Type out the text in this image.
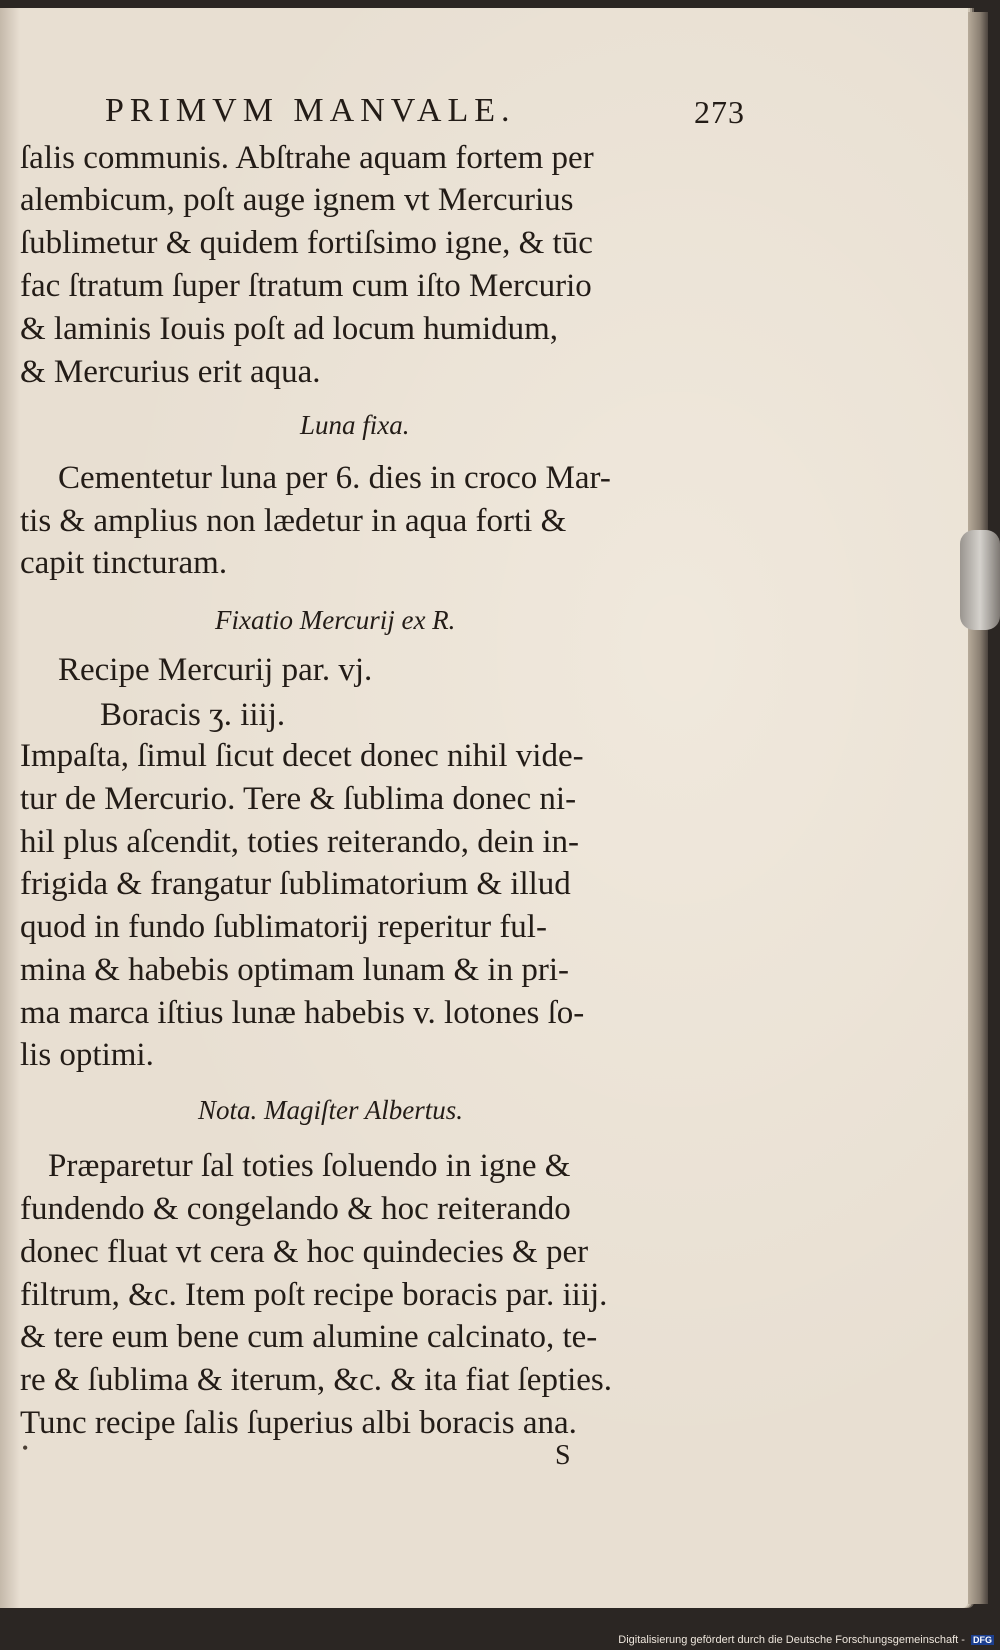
PRIMVM MANVALE.	273
ſalis communis. Abſtrahe aquam fortem per
alembicum, poſt auge ignem vt Mercurius
ſublimetur & quidem fortiſsimo igne, & tūc
fac ſtratum ſuper ſtratum cum iſto Mercurio
& laminis Iouis poſt ad locum humidum,
& Mercurius erit aqua.
Luna fixa.
Cementetur luna per 6. dies in croco Mar-
tis & amplius non lædetur in aqua forti &
capit tincturam.
Fixatio Mercurij ex R.
Recipe Mercurij par. vj.
Boracis ʒ. iiij.
Impaſta, ſimul ſicut decet donec nihil vide-
tur de Mercurio. Tere & ſublima donec ni-
hil plus aſcendit, toties reiterando, dein in-
frigida & frangatur ſublimatorium & illud
quod in fundo ſublimatorij reperitur ful-
mina & habebis optimam lunam & in pri-
ma marca iſtius lunæ habebis v. lotones ſo-
lis optimi.
Nota. Magiſter Albertus.
Præparetur ſal toties ſoluendo in igne &
fundendo & congelando & hoc reiterando
donec fluat vt cera & hoc quindecies & per
filtrum, &c. Item poſt recipe boracis par. iiij.
& tere eum bene cum alumine calcinato, te-
re & ſublima & iterum, &c. & ita fiat ſepties.
Tunc recipe ſalis ſuperius albi boracis ana.
•	S
Digitalisierung gefördert durch die Deutsche Forschungsgemeinschaft - DFG
